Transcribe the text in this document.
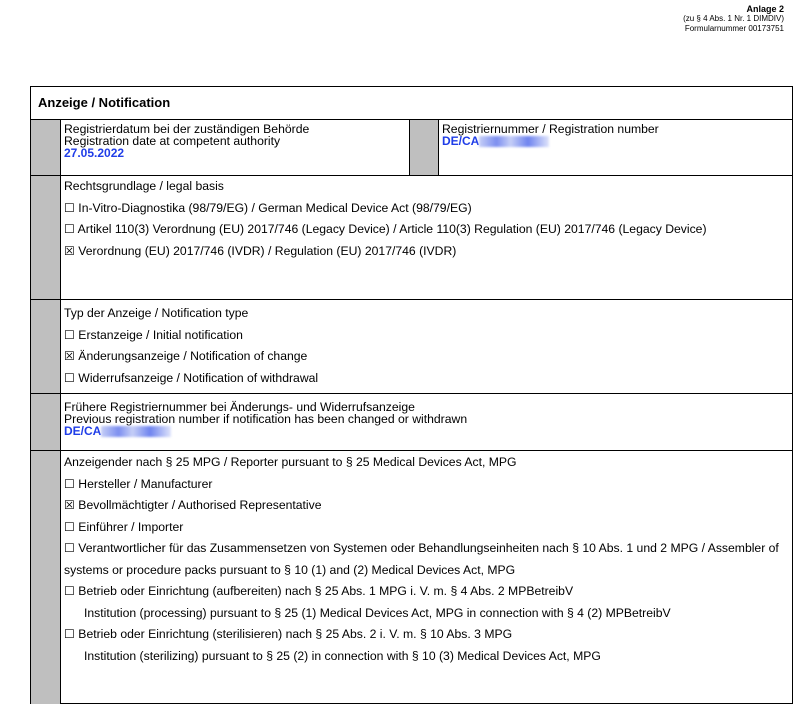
Anlage 2
(zu § 4 Abs. 1 Nr. 1 DIMDIV)
Formularnummer 00173751
Anzeige / Notification
Registrierdatum bei der zuständigen Behörde
Registration date at competent authority
27.05.2022
Registriernummer / Registration number
DE/CA
Rechtsgrundlage / legal basis
☐ In-Vitro-Diagnostika (98/79/EG) / German Medical Device Act (98/79/EG)
☐ Artikel 110(3) Verordnung (EU) 2017/746 (Legacy Device) / Article 110(3) Regulation (EU) 2017/746 (Legacy Device)
☒ Verordnung (EU) 2017/746 (IVDR) / Regulation (EU) 2017/746 (IVDR)
Typ der Anzeige / Notification type
☐ Erstanzeige / Initial notification
☒ Änderungsanzeige / Notification of change
☐ Widerrufsanzeige / Notification of withdrawal
Frühere Registriernummer bei Änderungs- und Widerrufsanzeige
Previous registration number if notification has been changed or withdrawn
DE/CA
Anzeigender nach § 25 MPG / Reporter pursuant to § 25 Medical Devices Act, MPG
☐ Hersteller / Manufacturer
☒ Bevollmächtigter / Authorised Representative
☐ Einführer / Importer
☐ Verantwortlicher für das Zusammensetzen von Systemen oder Behandlungseinheiten nach § 10 Abs. 1 und 2 MPG / Assembler of systems or procedure packs pursuant to § 10 (1) and (2) Medical Devices Act, MPG
☐ Betrieb oder Einrichtung (aufbereiten) nach § 25 Abs. 1 MPG i. V. m. § 4 Abs. 2 MPBetreibV
Institution (processing) pursuant to § 25 (1) Medical Devices Act, MPG in connection with § 4 (2) MPBetreibV
☐ Betrieb oder Einrichtung (sterilisieren) nach § 25 Abs. 2 i. V. m. § 10 Abs. 3 MPG
Institution (sterilizing) pursuant to § 25 (2) in connection with § 10 (3) Medical Devices Act, MPG
